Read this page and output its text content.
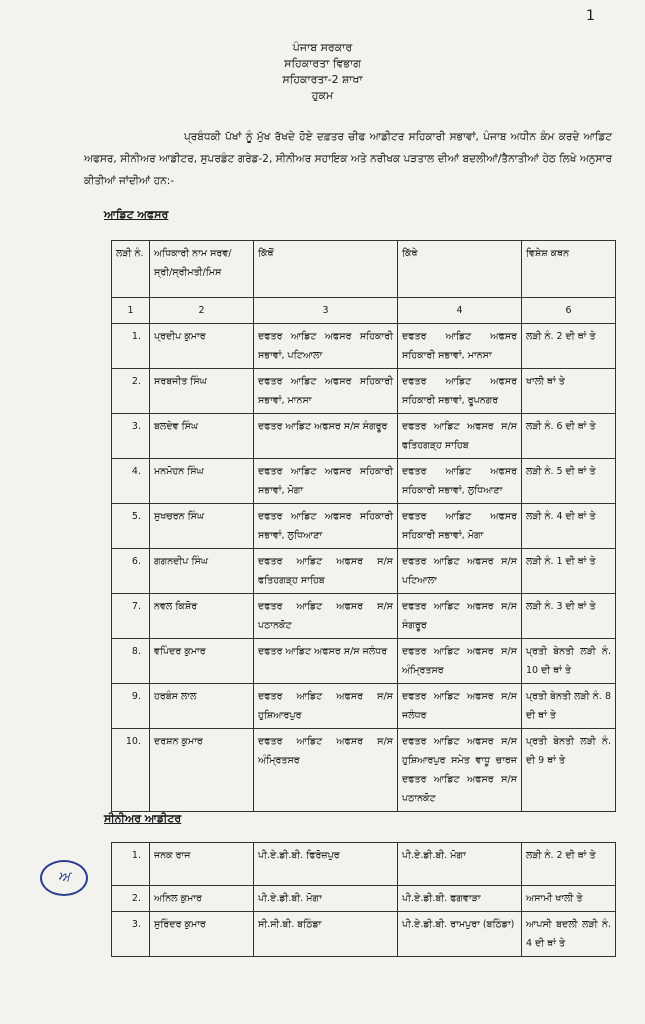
1
ਪੰਜਾਬ ਸਰਕਾਰ
ਸਹਿਕਾਰਤਾ ਵਿਭਾਗ
ਸਹਿਕਾਰਤਾ-2 ਸ਼ਾਖਾ
ਹੁਕਮ
ਪ੍ਰਬੰਧਕੀ ਪੱਖਾਂ ਨੂੰ ਮੁੱਖ ਰੱਖਦੇ ਹੋਏ ਦਫ਼ਤਰ ਚੀਫ ਆਡੀਟਰ ਸਹਿਕਾਰੀ ਸਭਾਵਾਂ, ਪੰਜਾਬ ਅਧੀਨ ਕੰਮ ਕਰਦੇ ਆਡਿਟ ਅਫਸਰ, ਸੀਨੀਅਰ ਆਡੀਟਰ, ਸੁਪਰਡੰਟ ਗਰੇਡ-2, ਸੀਨੀਅਰ ਸਹਾਇਕ ਅਤੇ ਨਰੀਖਕ ਪੜਤਾਲ ਦੀਆਂ ਬਦਲੀਆਂ/ਤੈਨਾਤੀਆਂ ਹੇਠ ਲਿਖੇ ਅਨੁਸਾਰ ਕੀਤੀਆਂ ਜਾਂਦੀਆਂ ਹਨ:-
ਆਡਿਟ ਅਫਸਰ
ਲੜੀ ਨੰ.	ਅਧਿਕਾਰੀ ਨਾਮ ਸਰਵ/ਸ੍ਰੀ/ਸ੍ਰੀਮਤੀ/ਮਿਸ	ਕਿੱਥੋਂ	ਕਿੱਥੇ	ਵਿਸ਼ੇਸ਼ ਕਥਨ
1	2	3	4	6
1.	ਪ੍ਰਦੀਪ ਕੁਮਾਰ	ਦਫਤਰ ਆਡਿਟ ਅਫਸਰ ਸਹਿਕਾਰੀ ਸਭਾਵਾਂ, ਪਟਿਆਲਾ	ਦਫਤਰ ਆਡਿਟ ਅਫਸਰ ਸਹਿਕਾਰੀ ਸਭਾਵਾਂ, ਮਾਨਸਾ	ਲੜੀ ਨੰ. 2 ਦੀ ਥਾਂ ਤੇ
2.	ਸਰਬਜੀਤ ਸਿੰਘ	ਦਫਤਰ ਆਡਿਟ ਅਫਸਰ ਸਹਿਕਾਰੀ ਸਭਾਵਾਂ, ਮਾਨਸਾ	ਦਫਤਰ ਆਡਿਟ ਅਫਸਰ ਸਹਿਕਾਰੀ ਸਭਾਵਾਂ, ਰੂਪਨਗਰ	ਖਾਲੀ ਥਾਂ ਤੇ
3.	ਬਲਦੇਵ ਸਿੰਘ	ਦਫਤਰ ਆਡਿਟ ਅਫਸਰ ਸ/ਸ ਸੰਗਰੂਰ	ਦਫਤਰ ਆਡਿਟ ਅਫਸਰ ਸ/ਸ ਫਤਿਹਗੜ੍ਹ ਸਾਹਿਬ	ਲੜੀ ਨੰ. 6 ਦੀ ਥਾਂ ਤੇ
4.	ਮਨਮੋਹਨ ਸਿੰਘ	ਦਫਤਰ ਆਡਿਟ ਅਫਸਰ ਸਹਿਕਾਰੀ ਸਭਾਵਾਂ, ਮੋਗਾ	ਦਫਤਰ ਆਡਿਟ ਅਫਸਰ ਸਹਿਕਾਰੀ ਸਭਾਵਾਂ, ਲੁਧਿਆਣਾ	ਲੜੀ ਨੰ. 5 ਦੀ ਥਾਂ ਤੇ
5.	ਸੁਖਚਰਨ ਸਿੰਘ	ਦਫਤਰ ਆਡਿਟ ਅਫਸਰ ਸਹਿਕਾਰੀ ਸਭਾਵਾਂ, ਲੁਧਿਆਣਾ	ਦਫਤਰ ਆਡਿਟ ਅਫਸਰ ਸਹਿਕਾਰੀ ਸਭਾਵਾਂ, ਮੋਗਾ	ਲੜੀ ਨੰ. 4 ਦੀ ਥਾਂ ਤੇ
6.	ਗਗਨਦੀਪ ਸਿੰਘ	ਦਫਤਰ ਆਡਿਟ ਅਫਸਰ ਸ/ਸ ਫਤਿਹਗੜ੍ਹ ਸਾਹਿਬ	ਦਫਤਰ ਆਡਿਟ ਅਫਸਰ ਸ/ਸ ਪਟਿਆਲਾ	ਲੜੀ ਨੰ. 1 ਦੀ ਥਾਂ ਤੇ
7.	ਨਵਲ ਕਿਸ਼ੋਰ	ਦਫਤਰ ਆਡਿਟ ਅਫਸਰ ਸ/ਸ ਪਠਾਨਕੋਟ	ਦਫਤਰ ਆਡਿਟ ਅਫਸਰ ਸ/ਸ ਸੰਗਰੂਰ	ਲੜੀ ਨੰ. 3 ਦੀ ਥਾਂ ਤੇ
8.	ਵਪਿੰਦਰ ਕੁਮਾਰ	ਦਫਤਰ ਆਡਿਟ ਅਫਸਰ ਸ/ਸ ਜਲੰਧਰ	ਦਫਤਰ ਆਡਿਟ ਅਫਸਰ ਸ/ਸ ਅੰਮ੍ਰਿਤਸਰ	ਪ੍ਰਤੀ ਬੇਨਤੀ ਲੜੀ ਨੰ. 10 ਦੀ ਥਾਂ ਤੇ
9.	ਹਰਬੰਸ ਲਾਲ	ਦਫਤਰ ਆਡਿਟ ਅਫਸਰ ਸ/ਸ ਹੁਸ਼ਿਆਰਪੁਰ	ਦਫਤਰ ਆਡਿਟ ਅਫਸਰ ਸ/ਸ ਜਲੰਧਰ	ਪ੍ਰਤੀ ਬੇਨਤੀ ਲੜੀ ਨੰ. 8 ਦੀ ਥਾਂ ਤੇ
10.	ਦਰਸ਼ਨ ਕੁਮਾਰ	ਦਫਤਰ ਆਡਿਟ ਅਫਸਰ ਸ/ਸ ਅੰਮ੍ਰਿਤਸਰ	ਦਫਤਰ ਆਡਿਟ ਅਫਸਰ ਸ/ਸ ਹੁਸ਼ਿਆਰਪੁਰ ਸਮੇਤ ਵਾਧੂ ਚਾਰਜ ਦਫਤਰ ਆਡਿਟ ਅਫਸਰ ਸ/ਸ ਪਠਾਨਕੋਟ	ਪ੍ਰਤੀ ਬੇਨਤੀ ਲੜੀ ਨੰ. ਦੀ 9 ਥਾਂ ਤੇ
ਸੀਨੀਅਰ ਆਡੀਟਰ
1.	ਜਨਕ ਰਾਜ	ਪੀ.ਏ.ਡੀ.ਬੀ. ਫਿਰੋਜ਼ਪੁਰ	ਪੀ.ਏ.ਡੀ.ਬੀ. ਮੋਗਾ	ਲੜੀ ਨੰ. 2 ਦੀ ਥਾਂ ਤੇ
2.	ਅਨਿਲ ਕੁਮਾਰ	ਪੀ.ਏ.ਡੀ.ਬੀ. ਮੋਗਾ	ਪੀ.ਏ.ਡੀ.ਬੀ. ਫਗਵਾੜਾ	ਅਸਾਮੀ ਖਾਲੀ ਤੇ
3.	ਸੁਰਿੰਦਰ ਕੁਮਾਰ	ਸੀ.ਸੀ.ਬੀ. ਬਠਿੰਡਾ	ਪੀ.ਏ.ਡੀ.ਬੀ. ਰਾਮਪੁਰਾ (ਬਠਿੰਡਾ)	ਆਪਸੀ ਬਦਲੀ ਲੜੀ ਨੰ. 4 ਦੀ ਥਾਂ ਤੇ
ਅ
